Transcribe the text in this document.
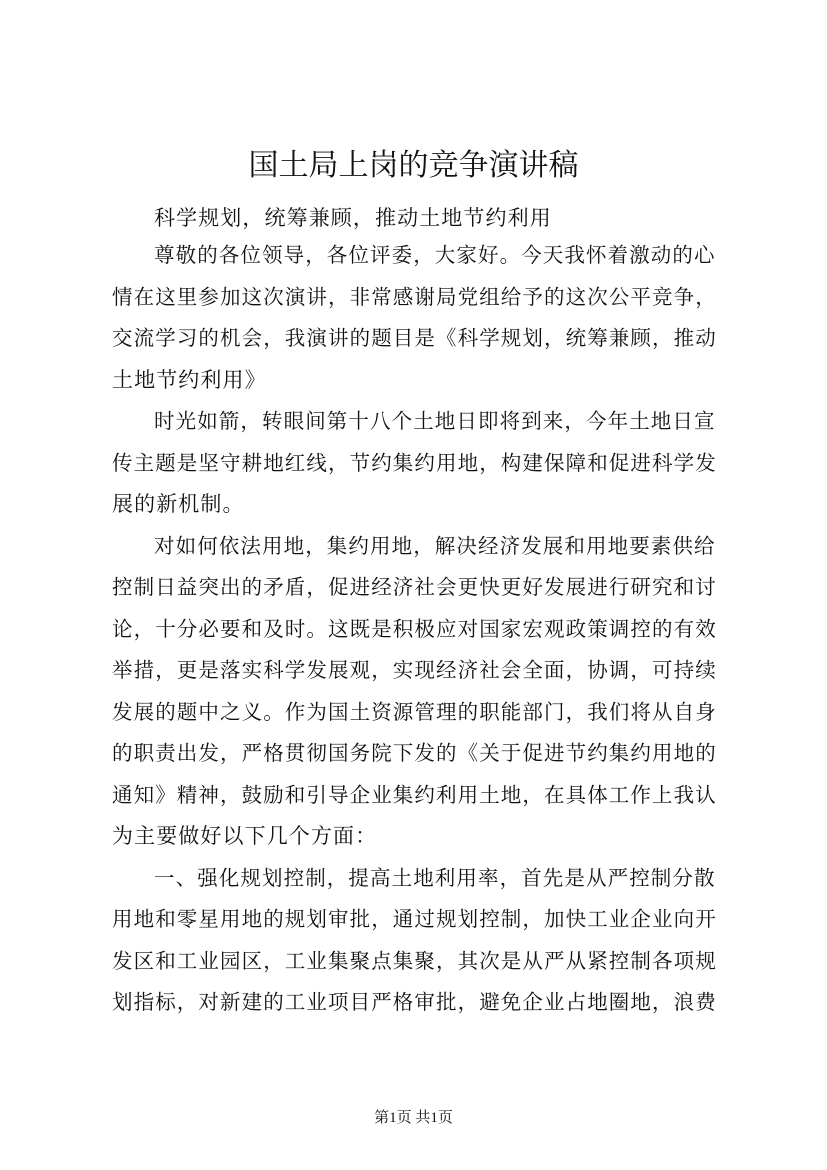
国土局上岗的竞争演讲稿

科学规划，统筹兼顾，推动土地节约利用

尊敬的各位领导，各位评委，大家好。今天我怀着激动的心

情在这里参加这次演讲，非常感谢局党组给予的这次公平竞争，

交流学习的机会，我演讲的题目是《科学规划，统筹兼顾，推动

土地节约利用》

时光如箭，转眼间第十八个土地日即将到来，今年土地日宣

传主题是坚守耕地红线，节约集约用地，构建保障和促进科学发

展的新机制。

对如何依法用地，集约用地，解决经济发展和用地要素供给

控制日益突出的矛盾，促进经济社会更快更好发展进行研究和讨

论，十分必要和及时。这既是积极应对国家宏观政策调控的有效

举措，更是落实科学发展观，实现经济社会全面，协调，可持续

发展的题中之义。作为国土资源管理的职能部门，我们将从自身

的职责出发，严格贯彻国务院下发的《关于促进节约集约用地的

通知》精神，鼓励和引导企业集约利用土地，在具体工作上我认

为主要做好以下几个方面：

一、强化规划控制，提高土地利用率，首先是从严控制分散

用地和零星用地的规划审批，通过规划控制，加快工业企业向开

发区和工业园区，工业集聚点集聚，其次是从严从紧控制各项规

划指标，对新建的工业项目严格审批，避免企业占地圈地，浪费

第1页 共1页
